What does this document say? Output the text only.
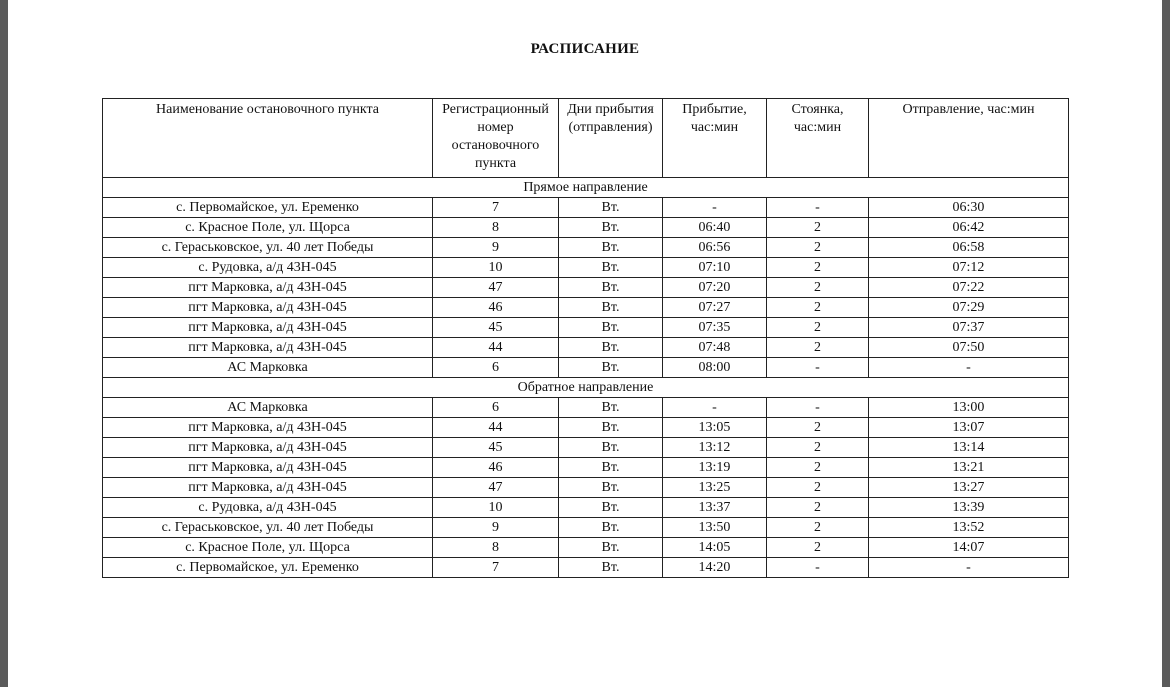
РАСПИСАНИЕ
Наименование остановочного пункта	Регистрационный номер остановочного пункта	Дни прибытия (отправления)	Прибытие, час:мин	Стоянка, час:мин	Отправление, час:мин
Прямое направление					
с. Первомайское, ул. Еременко	7	Вт.	-	-	06:30
с. Красное Поле, ул. Щорса	8	Вт.	06:40	2	06:42
с. Гераськовское, ул. 40 лет Победы	9	Вт.	06:56	2	06:58
с. Рудовка, а/д 43Н-045	10	Вт.	07:10	2	07:12
пгт Марковка, а/д 43Н-045	47	Вт.	07:20	2	07:22
пгт Марковка, а/д 43Н-045	46	Вт.	07:27	2	07:29
пгт Марковка, а/д 43Н-045	45	Вт.	07:35	2	07:37
пгт Марковка, а/д 43Н-045	44	Вт.	07:48	2	07:50
АС Марковка	6	Вт.	08:00	-	-
Обратное направление					
АС Марковка	6	Вт.	-	-	13:00
пгт Марковка, а/д 43Н-045	44	Вт.	13:05	2	13:07
пгт Марковка, а/д 43Н-045	45	Вт.	13:12	2	13:14
пгт Марковка, а/д 43Н-045	46	Вт.	13:19	2	13:21
пгт Марковка, а/д 43Н-045	47	Вт.	13:25	2	13:27
с. Рудовка, а/д 43Н-045	10	Вт.	13:37	2	13:39
с. Гераськовское, ул. 40 лет Победы	9	Вт.	13:50	2	13:52
с. Красное Поле, ул. Щорса	8	Вт.	14:05	2	14:07
с. Первомайское, ул. Еременко	7	Вт.	14:20	-	-
